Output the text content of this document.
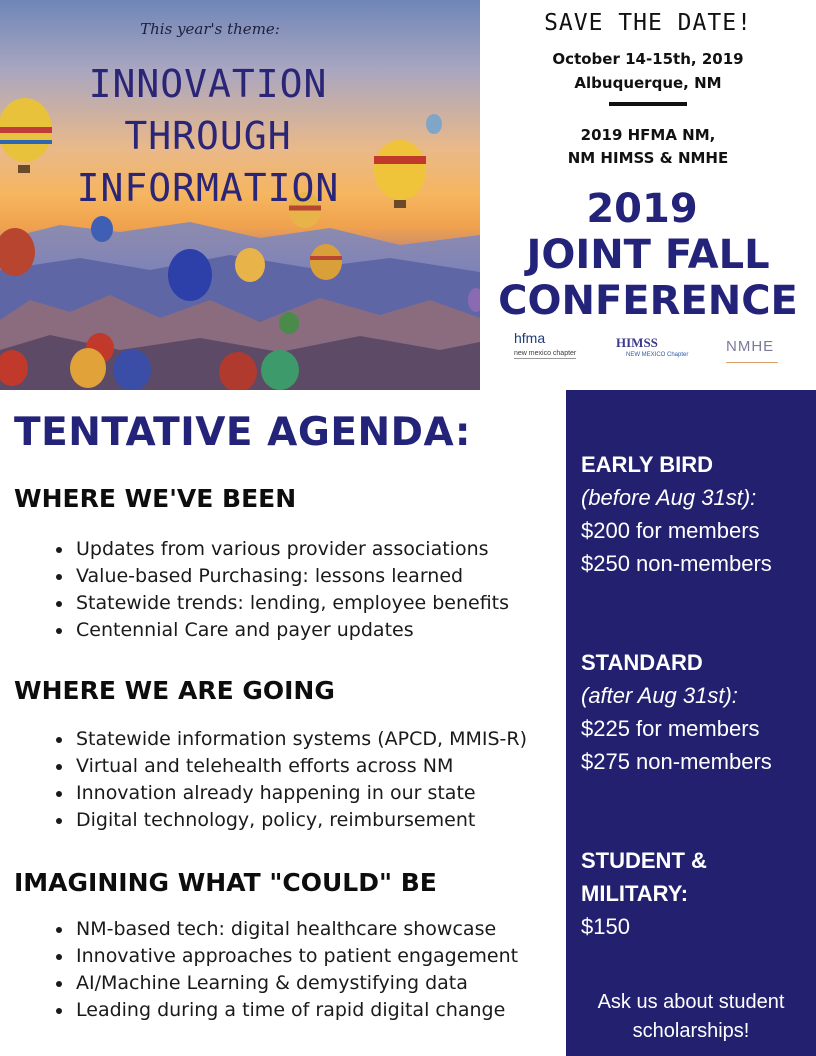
This year's theme:
INNOVATION
THROUGH
INFORMATION
SAVE THE DATE!
October 14-15th, 2019
Albuquerque, NM
2019 HFMA NM,
NM HIMSS & NMHE
2019
JOINT FALL
CONFERENCE
hfma
new mexico chapter
HIMSS
NEW MEXICO Chapter	NMHE
TENTATIVE AGENDA:
WHERE WE'VE BEEN
Updates from various provider associations
Value-based Purchasing: lessons learned
Statewide trends: lending, employee benefits
Centennial Care and payer updates
WHERE WE ARE GOING
Statewide information systems (APCD, MMIS-R)
Virtual and telehealth efforts across NM
Innovation already happening in our state
Digital technology, policy, reimbursement
IMAGINING WHAT "COULD" BE
NM-based tech: digital healthcare showcase
Innovative approaches to patient engagement
AI/Machine Learning & demystifying data
Leading during a time of rapid digital change
EARLY BIRD
(before Aug 31st):
$200 for members
$250 non-members
STANDARD
(after Aug 31st):
$225 for members
$275 non-members
STUDENT &
MILITARY:
$150
Ask us about student
scholarships!
